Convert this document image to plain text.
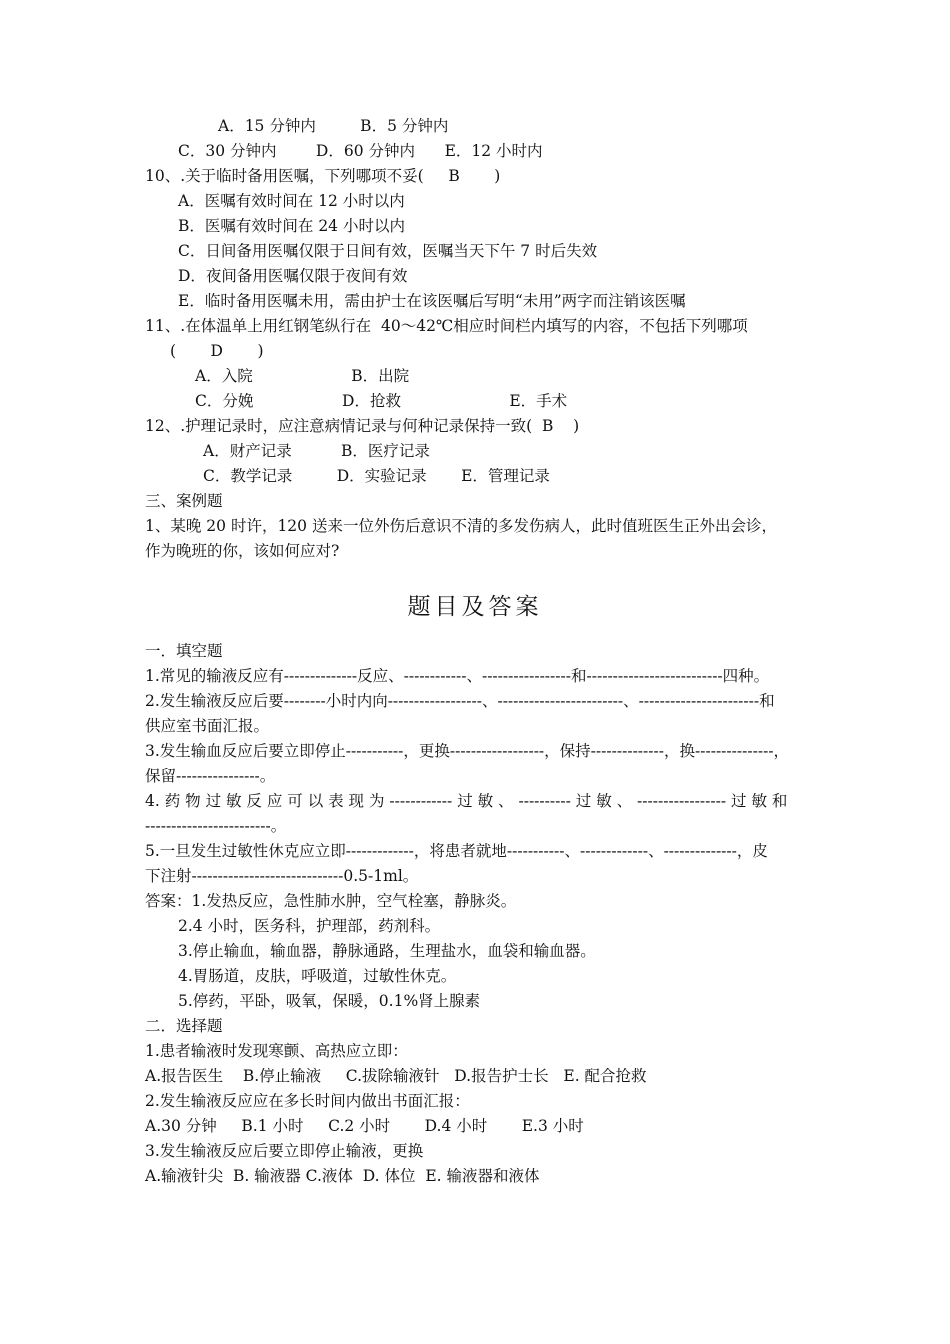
A．15 分钟内         B．5 分钟内
C．30 分钟内        D．60 分钟内      E．12 小时内
10、.关于临时备用医嘱，下列哪项不妥(     B       )
A．医嘱有效时间在 12 小时以内
B．医嘱有效时间在 24 小时以内
C．日间备用医嘱仅限于日间有效，医嘱当天下午 7 时后失效
D．夜间备用医嘱仅限于夜间有效
E．临时备用医嘱未用，需由护士在该医嘱后写明“未用”两字而注销该医嘱
11、.在体温单上用红钢笔纵行在  40～42℃相应时间栏内填写的内容，不包括下列哪项
(       D       )
A．入院                    B．出院
C．分娩                  D．抢救                      E．手术
12、.护理记录时，应注意病情记录与何种记录保持一致(  B    )
A．财产记录          B．医疗记录
C．教学记录         D．实验记录       E．管理记录
三、案例题
1、某晚 20 时许，120 送来一位外伤后意识不清的多发伤病人，此时值班医生正外出会诊，
作为晚班的你，该如何应对?
题目及答案
一．填空题
1.常见的输液反应有--------------反应、------------、-----------------和--------------------------四种。
2.发生输液反应后要--------小时内向------------------、------------------------、-----------------------和
供应室书面汇报。
3.发生输血反应后要立即停止-----------，更换------------------，保持--------------，换---------------，
保留----------------。
4. 药 物 过 敏 反 应 可 以 表 现 为 ------------ 过 敏 、 ---------- 过 敏 、 ----------------- 过 敏 和
------------------------。
5.一旦发生过敏性休克应立即-------------，将患者就地-----------、-------------、--------------，皮
下注射-----------------------------0.5-1ml。
答案：1.发热反应，急性肺水肿，空气栓塞，静脉炎。
2.4 小时，医务科，护理部，药剂科。
3.停止输血，输血器，静脉通路，生理盐水，血袋和输血器。
4.胃肠道，皮肤，呼吸道，过敏性休克。
5.停药，平卧，吸氧，保暖，0.1%肾上腺素
二．选择题
1.患者输液时发现寒颤、高热应立即：
A.报告医生    B.停止输液     C.拔除输液针   D.报告护士长   E. 配合抢救
2.发生输液反应应在多长时间内做出书面汇报：
A.30 分钟     B.1 小时     C.2 小时       D.4 小时       E.3 小时
3.发生输液反应后要立即停止输液，更换
A.输液针尖  B. 输液器 C.液体  D. 体位  E. 输液器和液体
